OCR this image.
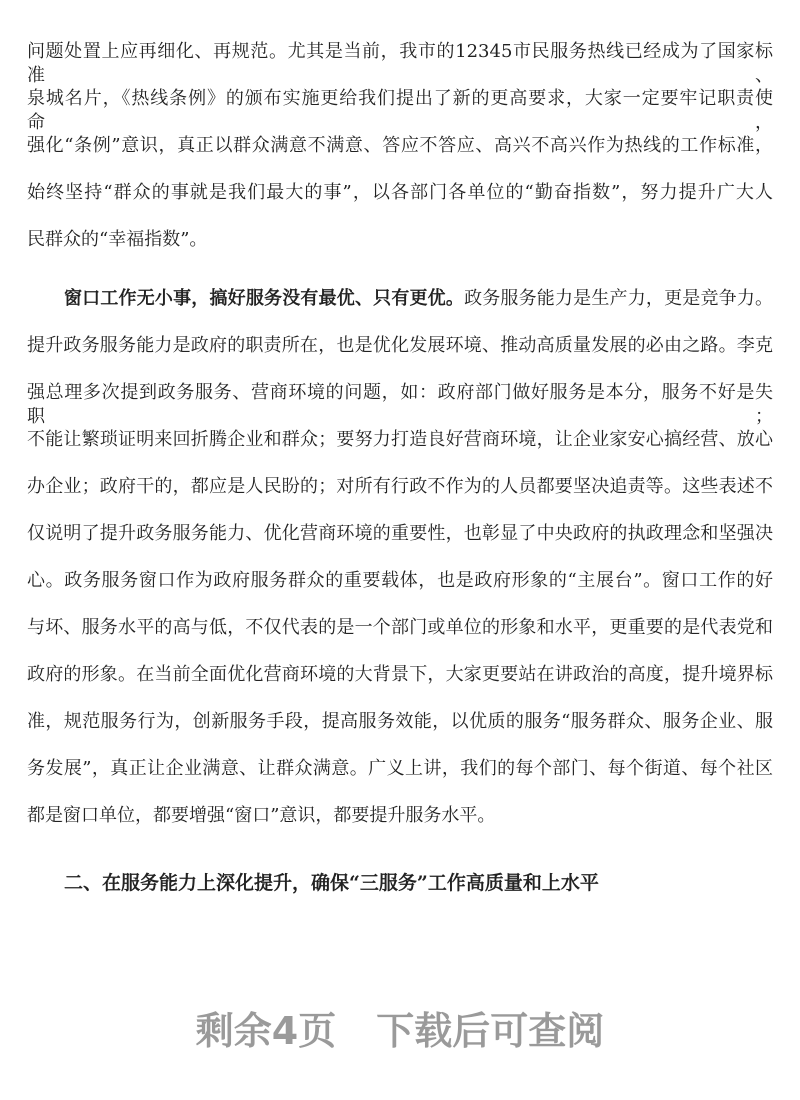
问题处置上应再细化、再规范。尤其是当前，我市的12345市民服务热线已经成为了国家标准、
泉城名片，《热线条例》的颁布实施更给我们提出了新的更高要求，大家一定要牢记职责使命，
强化“条例”意识，真正以群众满意不满意、答应不答应、高兴不高兴作为热线的工作标准，
始终坚持“群众的事就是我们最大的事”，以各部门各单位的“勤奋指数”，努力提升广大人
民群众的“幸福指数”。
窗口工作无小事，搞好服务没有最优、只有更优。政务服务能力是生产力，更是竞争力。
提升政务服务能力是政府的职责所在，也是优化发展环境、推动高质量发展的必由之路。李克
强总理多次提到政务服务、营商环境的问题，如：政府部门做好服务是本分，服务不好是失职；
不能让繁琐证明来回折腾企业和群众；要努力打造良好营商环境，让企业家安心搞经营、放心
办企业；政府干的，都应是人民盼的；对所有行政不作为的人员都要坚决追责等。这些表述不
仅说明了提升政务服务能力、优化营商环境的重要性，也彰显了中央政府的执政理念和坚强决
心。政务服务窗口作为政府服务群众的重要载体，也是政府形象的“主展台”。窗口工作的好
与坏、服务水平的高与低，不仅代表的是一个部门或单位的形象和水平，更重要的是代表党和
政府的形象。在当前全面优化营商环境的大背景下，大家更要站在讲政治的高度，提升境界标
准，规范服务行为，创新服务手段，提高服务效能，以优质的服务“服务群众、服务企业、服
务发展”，真正让企业满意、让群众满意。广义上讲，我们的每个部门、每个街道、每个社区
都是窗口单位，都要增强“窗口”意识，都要提升服务水平。
二、在服务能力上深化提升，确保“三服务”工作高质量和上水平
剩余4页 下载后可查阅
